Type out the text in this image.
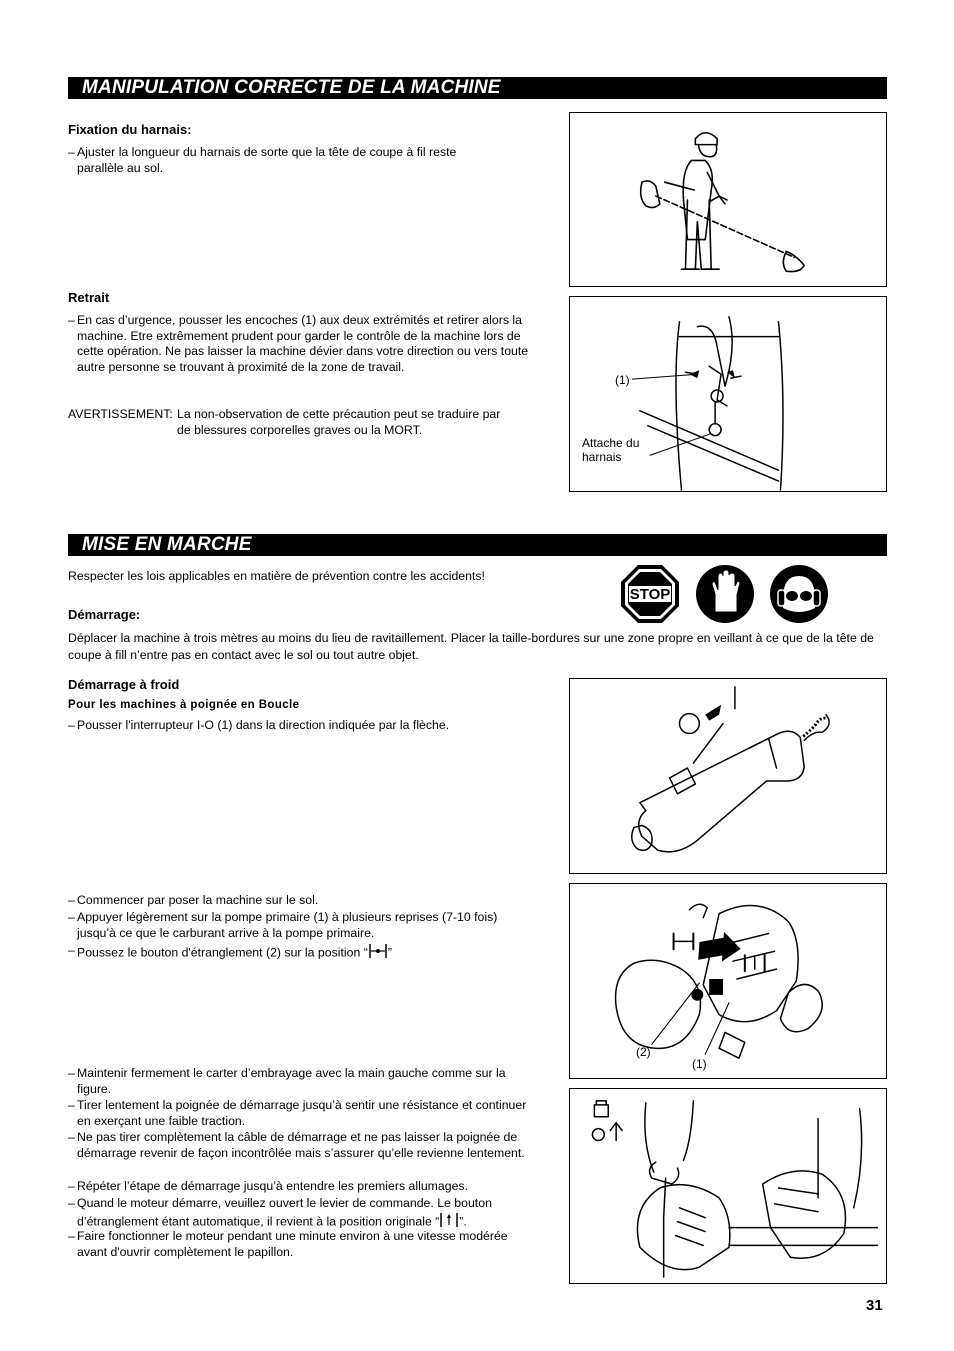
MANIPULATION CORRECTE DE LA MACHINE
Fixation du harnais:
– Ajuster la longueur du harnais de sorte que la tête de coupe à fil reste parallèle au sol.
Retrait
– En cas d’urgence, pousser les encoches (1) aux deux extrémités et retirer alors la machine. Etre extrêmement prudent pour garder le contrôle de la machine lors de cette opération. Ne pas laisser la machine dévier dans votre direction ou vers toute autre personne se trouvant à proximité de la zone de travail.
AVERTISSEMENT: La non-observation de cette précaution peut se traduire par de blessures corporelles graves ou la MORT.
(1)
Attache du harnais
MISE EN MARCHE
Respecter les lois applicables en matière de prévention contre les accidents!
STOP
Démarrage:
Déplacer la machine à trois mètres au moins du lieu de ravitaillement. Placer la taille-bordures sur une zone propre en veillant à ce que de la tête de coupe à fill n’entre pas en contact avec le sol ou tout autre objet.
Démarrage à froid
Pour les machines à poignée en Boucle
– Pousser l'interrupteur I-O (1) dans la direction indiquée par la flèche.
– Commencer par poser la machine sur le sol.
– Appuyer légèrement sur la pompe primaire (1) à plusieurs reprises (7-10 fois) jusqu’à ce que le carburant arrive à la pompe primaire.
– Poussez le bouton d'étranglement (2) sur la position “ ”
(2)
(1)
– Maintenir fermement le carter d’embrayage avec la main gauche comme sur la figure.
– Tirer lentement la poignée de démarrage jusqu’à sentir une résistance et continuer en exerçant une faible traction.
– Ne pas tirer complètement la câble de démarrage et ne pas laisser la poignée de démarrage revenir de façon incontrôlée mais s’assurer qu’elle revienne lentement.
– Répéter l’étape de démarrage jusqu’à entendre les premiers allumages.
– Quand le moteur démarre, veuillez ouvert le levier de commande. Le bouton d’étranglement étant automatique, il revient à la position originale “ ”.
– Faire fonctionner le moteur pendant une minute environ à une vitesse modérée avant d'ouvrir complètement le papillon.
31
